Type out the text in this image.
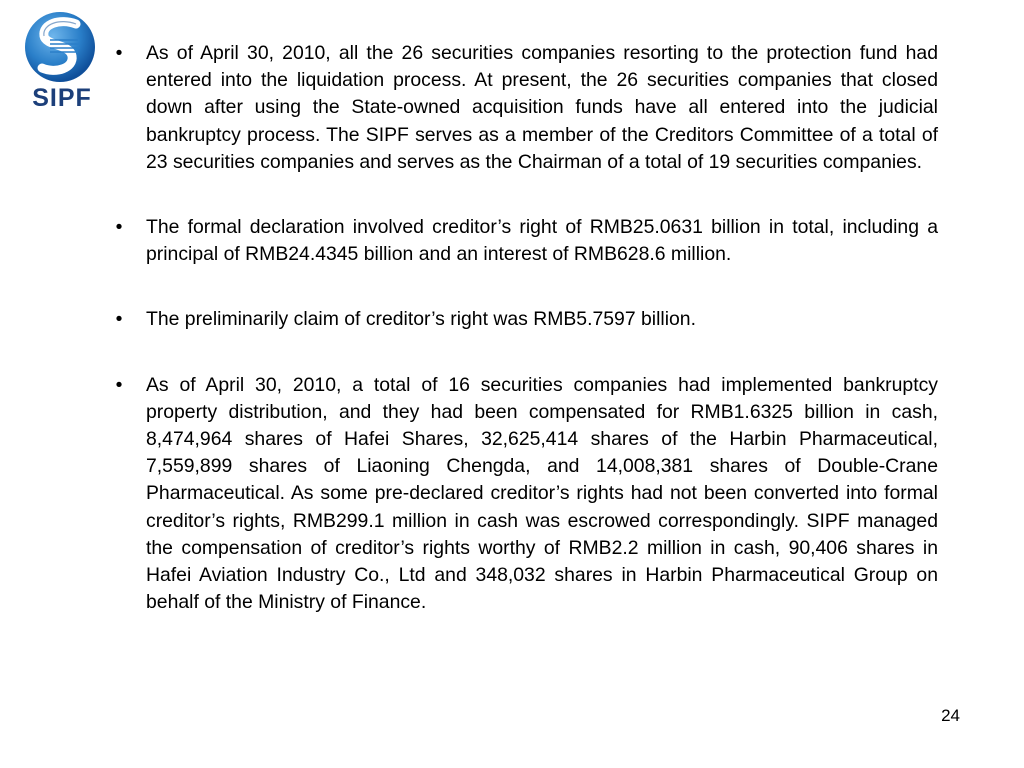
SIPF
• As of April 30, 2010, all the 26 securities companies resorting to the protection fund had entered into the liquidation process. At present, the 26 securities companies that closed down after using the State-owned acquisition funds have all entered into the judicial bankruptcy process. The SIPF serves as a member of the Creditors Committee of a total of 23 securities companies and serves as the Chairman of a total of 19 securities companies.
• The formal declaration involved creditor’s right of RMB25.0631 billion in total, including a principal of RMB24.4345 billion and an interest of RMB628.6 million.
• The preliminarily claim of creditor’s right was RMB5.7597 billion.
• As of April 30, 2010, a total of 16 securities companies had implemented bankruptcy property distribution, and they had been compensated for RMB1.6325 billion in cash, 8,474,964 shares of Hafei Shares, 32,625,414 shares of the Harbin Pharmaceutical, 7,559,899 shares of Liaoning Chengda, and 14,008,381 shares of Double-Crane Pharmaceutical. As some pre-declared creditor’s rights had not been converted into formal creditor’s rights, RMB299.1 million in cash was escrowed correspondingly. SIPF managed the compensation of creditor’s rights worthy of RMB2.2 million in cash, 90,406 shares in Hafei Aviation Industry Co., Ltd and 348,032 shares in Harbin Pharmaceutical Group on behalf of the Ministry of Finance.
24
